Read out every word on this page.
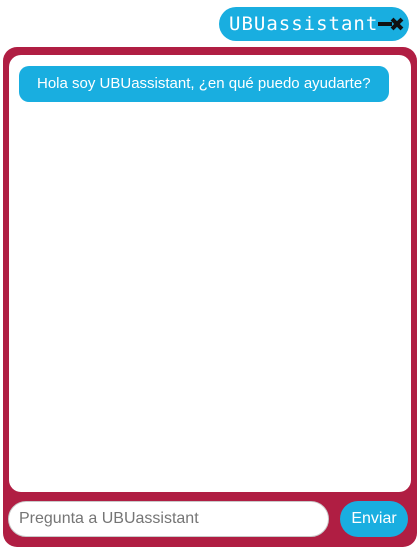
UBUassistant
Hola soy UBUassistant, ¿en qué puedo ayudarte?
Pregunta a UBUassistant
Enviar
